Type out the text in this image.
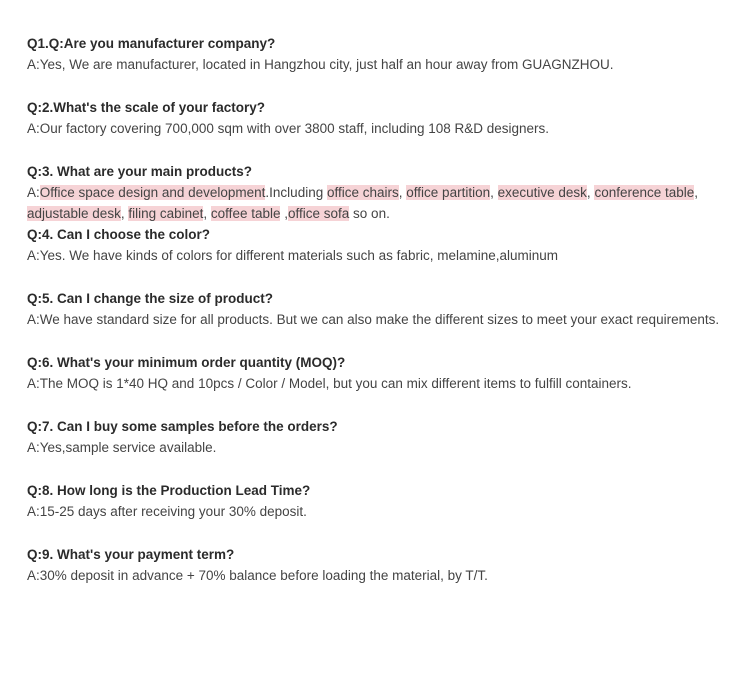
Q1.Q:Are you manufacturer company?
A:Yes, We are manufacturer, located in Hangzhou city, just half an hour away from GUAGNZHOU.
Q:2.What's the scale of your factory?
A:Our factory covering 700,000 sqm with over 3800 staff, including 108 R&D designers.
Q:3. What are your main products?
A:Office space design and development.Including office chairs, office partition, executive desk, conference table, adjustable desk, filing cabinet, coffee table ,office sofa so on.
Q:4. Can I choose the color?
A:Yes. We have kinds of colors for different materials such as fabric, melamine,aluminum
Q:5. Can I change the size of product?
A:We have standard size for all products. But we can also make the different sizes to meet your exact requirements.
Q:6. What's your minimum order quantity (MOQ)?
A:The MOQ is 1*40 HQ and 10pcs / Color / Model, but you can mix different items to fulfill containers.
Q:7. Can I buy some samples before the orders?
A:Yes,sample service available.
Q:8. How long is the Production Lead Time?
A:15-25 days after receiving your 30% deposit.
Q:9. What's your payment term?
A:30% deposit in advance + 70% balance before loading the material, by T/T.
